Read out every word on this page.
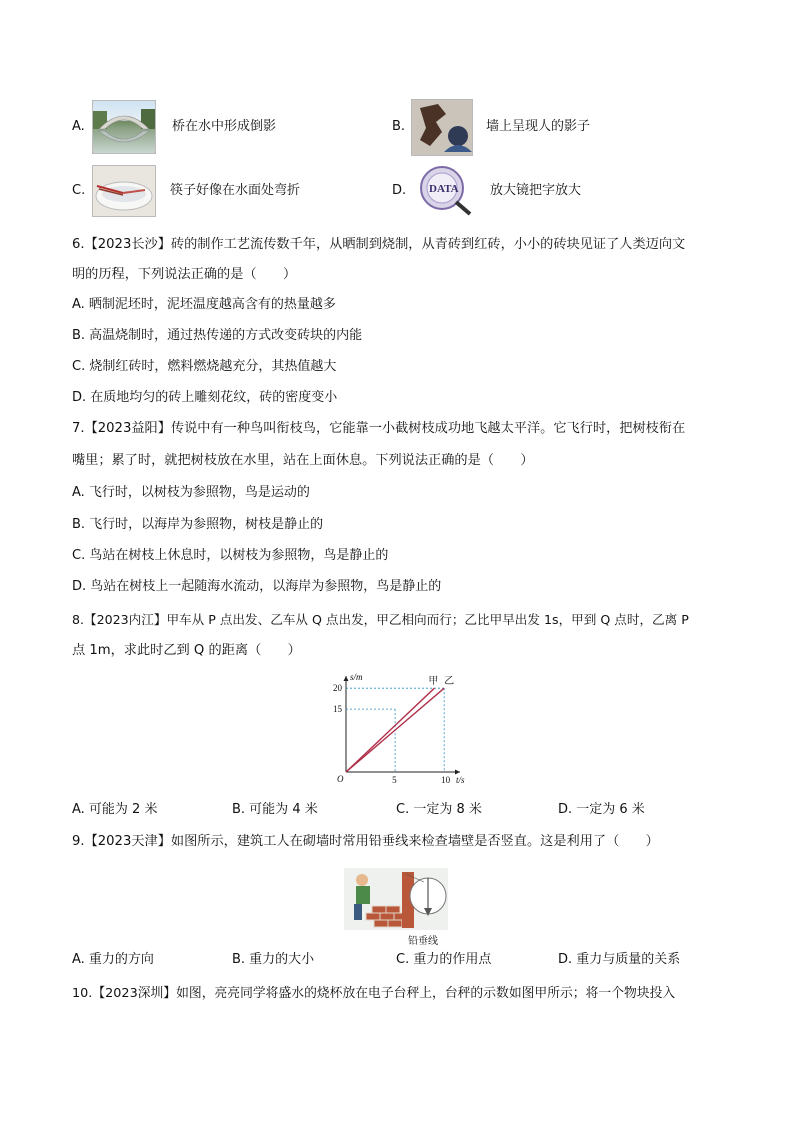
A.	桥在水中形成倒影	B.	墙上呈现人的影子
C.	筷子好像在水面处弯折	D. DATA 放大镜把字放大
6.【2023长沙】砖的制作工艺流传数千年，从晒制到烧制，从青砖到红砖，小小的砖块见证了人类迈向文
明的历程，下列说法正确的是（　　）
A. 晒制泥坯时，泥坯温度越高含有的热量越多
B. 高温烧制时，通过热传递的方式改变砖块的内能
C. 烧制红砖时，燃料燃烧越充分，其热值越大
D. 在质地均匀的砖上雕刻花纹，砖的密度变小
7.【2023益阳】传说中有一种鸟叫衔枝鸟，它能靠一小截树枝成功地飞越太平洋。它飞行时，把树枝衔在
嘴里；累了时，就把树枝放在水里，站在上面休息。下列说法正确的是（　　）
A. 飞行时，以树枝为参照物，鸟是运动的
B. 飞行时，以海岸为参照物，树枝是静止的
C. 鸟站在树枝上休息时，以树枝为参照物，鸟是静止的
D. 鸟站在树枝上一起随海水流动，以海岸为参照物，鸟是静止的
8.【2023内江】甲车从 P 点出发、乙车从 Q 点出发，甲乙相向而行；乙比甲早出发 1s，甲到 Q 点时，乙离 P
点 1m，求此时乙到 Q 的距离（　　）
甲 乙
5	10
15
20
O	t/s
s/m
A. 可能为 2 米	B. 可能为 4 米	C. 一定为 8 米	D. 一定为 6 米
9.【2023天津】如图所示，建筑工人在砌墙时常用铅垂线来检查墙壁是否竖直。这是利用了（　　）
铅垂线
A. 重力的方向	B. 重力的大小	C. 重力的作用点	D. 重力与质量的关系
10.【2023深圳】如图，亮亮同学将盛水的烧杯放在电子台秤上，台秤的示数如图甲所示；将一个物块投入
